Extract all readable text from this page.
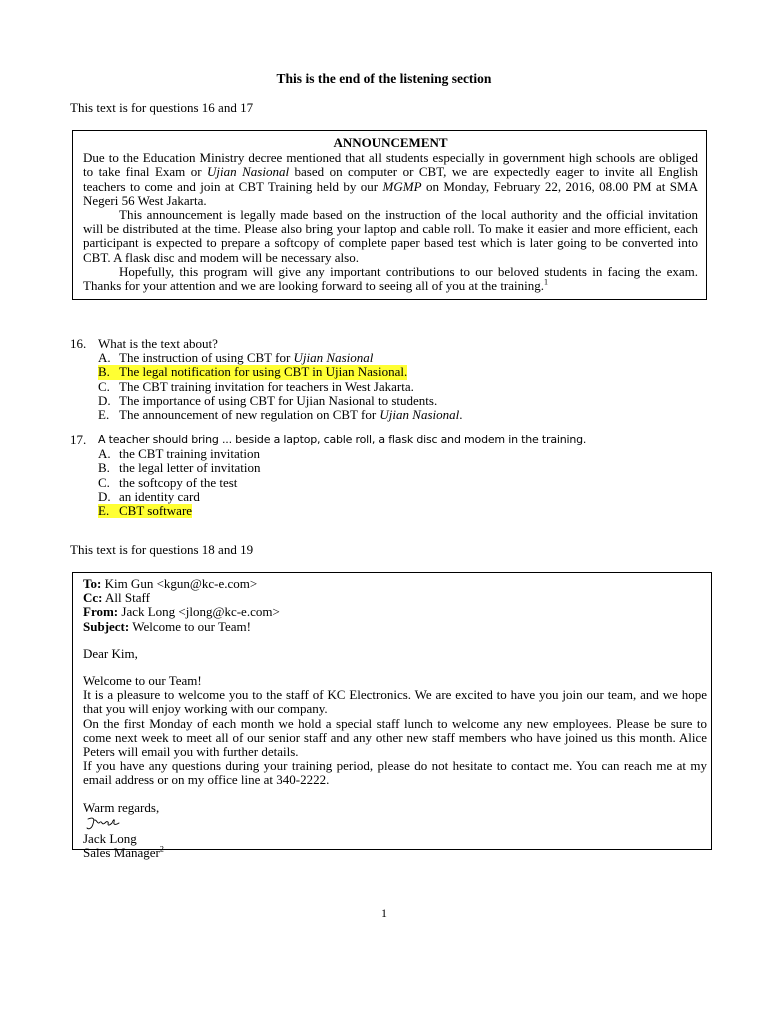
This is the end of the listening section
This text is for questions 16 and 17
ANNOUNCEMENT

Due to the Education Ministry decree mentioned that all students especially in government high schools are obliged to take final Exam or Ujian Nasional based on computer or CBT, we are expectedly eager to invite all English teachers to come and join at CBT Training held by our MGMP on Monday, February 22, 2016, 08.00 PM at SMA Negeri 56 West Jakarta.

This announcement is legally made based on the instruction of the local authority and the official invitation will be distributed at the time. Please also bring your laptop and cable roll. To make it easier and more efficient, each participant is expected to prepare a softcopy of complete paper based test which is later going to be converted into CBT. A flask disc and modem will be necessary also.

Hopefully, this program will give any important contributions to our beloved students in facing the exam. Thanks for your attention and we are looking forward to seeing all of you at the training.$^1$

16. What is the text about?
A. The instruction of using CBT for Ujian Nasional
B. The legal notification for using CBT in Ujian Nasional.
C. The CBT training invitation for teachers in West Jakarta.
D. The importance of using CBT for Ujian Nasional to students.
E. The announcement of new regulation on CBT for Ujian Nasional.
17.	A teacher should bring ... beside a laptop, cable roll, a flask disc and modem in the training.
A. the CBT training invitation
B. the legal letter of invitation
C. the softcopy of the test
D. an identity card
E. CBT software
This text is for questions 18 and 19

To: Kim Gun <kgun@kc-e.com>

Cc: All Staff

From: Jack Long <jlong@kc-e.com>

Subject: Welcome to our Team!

Dear Kim,

Welcome to our Team!

It is a pleasure to welcome you to the staff of KC Electronics. We are excited to have you join our team, and we hope that you will enjoy working with our company.

On the first Monday of each month we hold a special staff lunch to welcome any new employees. Please be sure to come next week to meet all of our senior staff and any other new staff members who have joined us this month. Alice Peters will email you with further details.

If you have any questions during your training period, please do not hesitate to contact me. You can reach me at my email address or on my office line at 340-2222.

Warm regards,

Jack Long

Sales Manager$^2$

1
